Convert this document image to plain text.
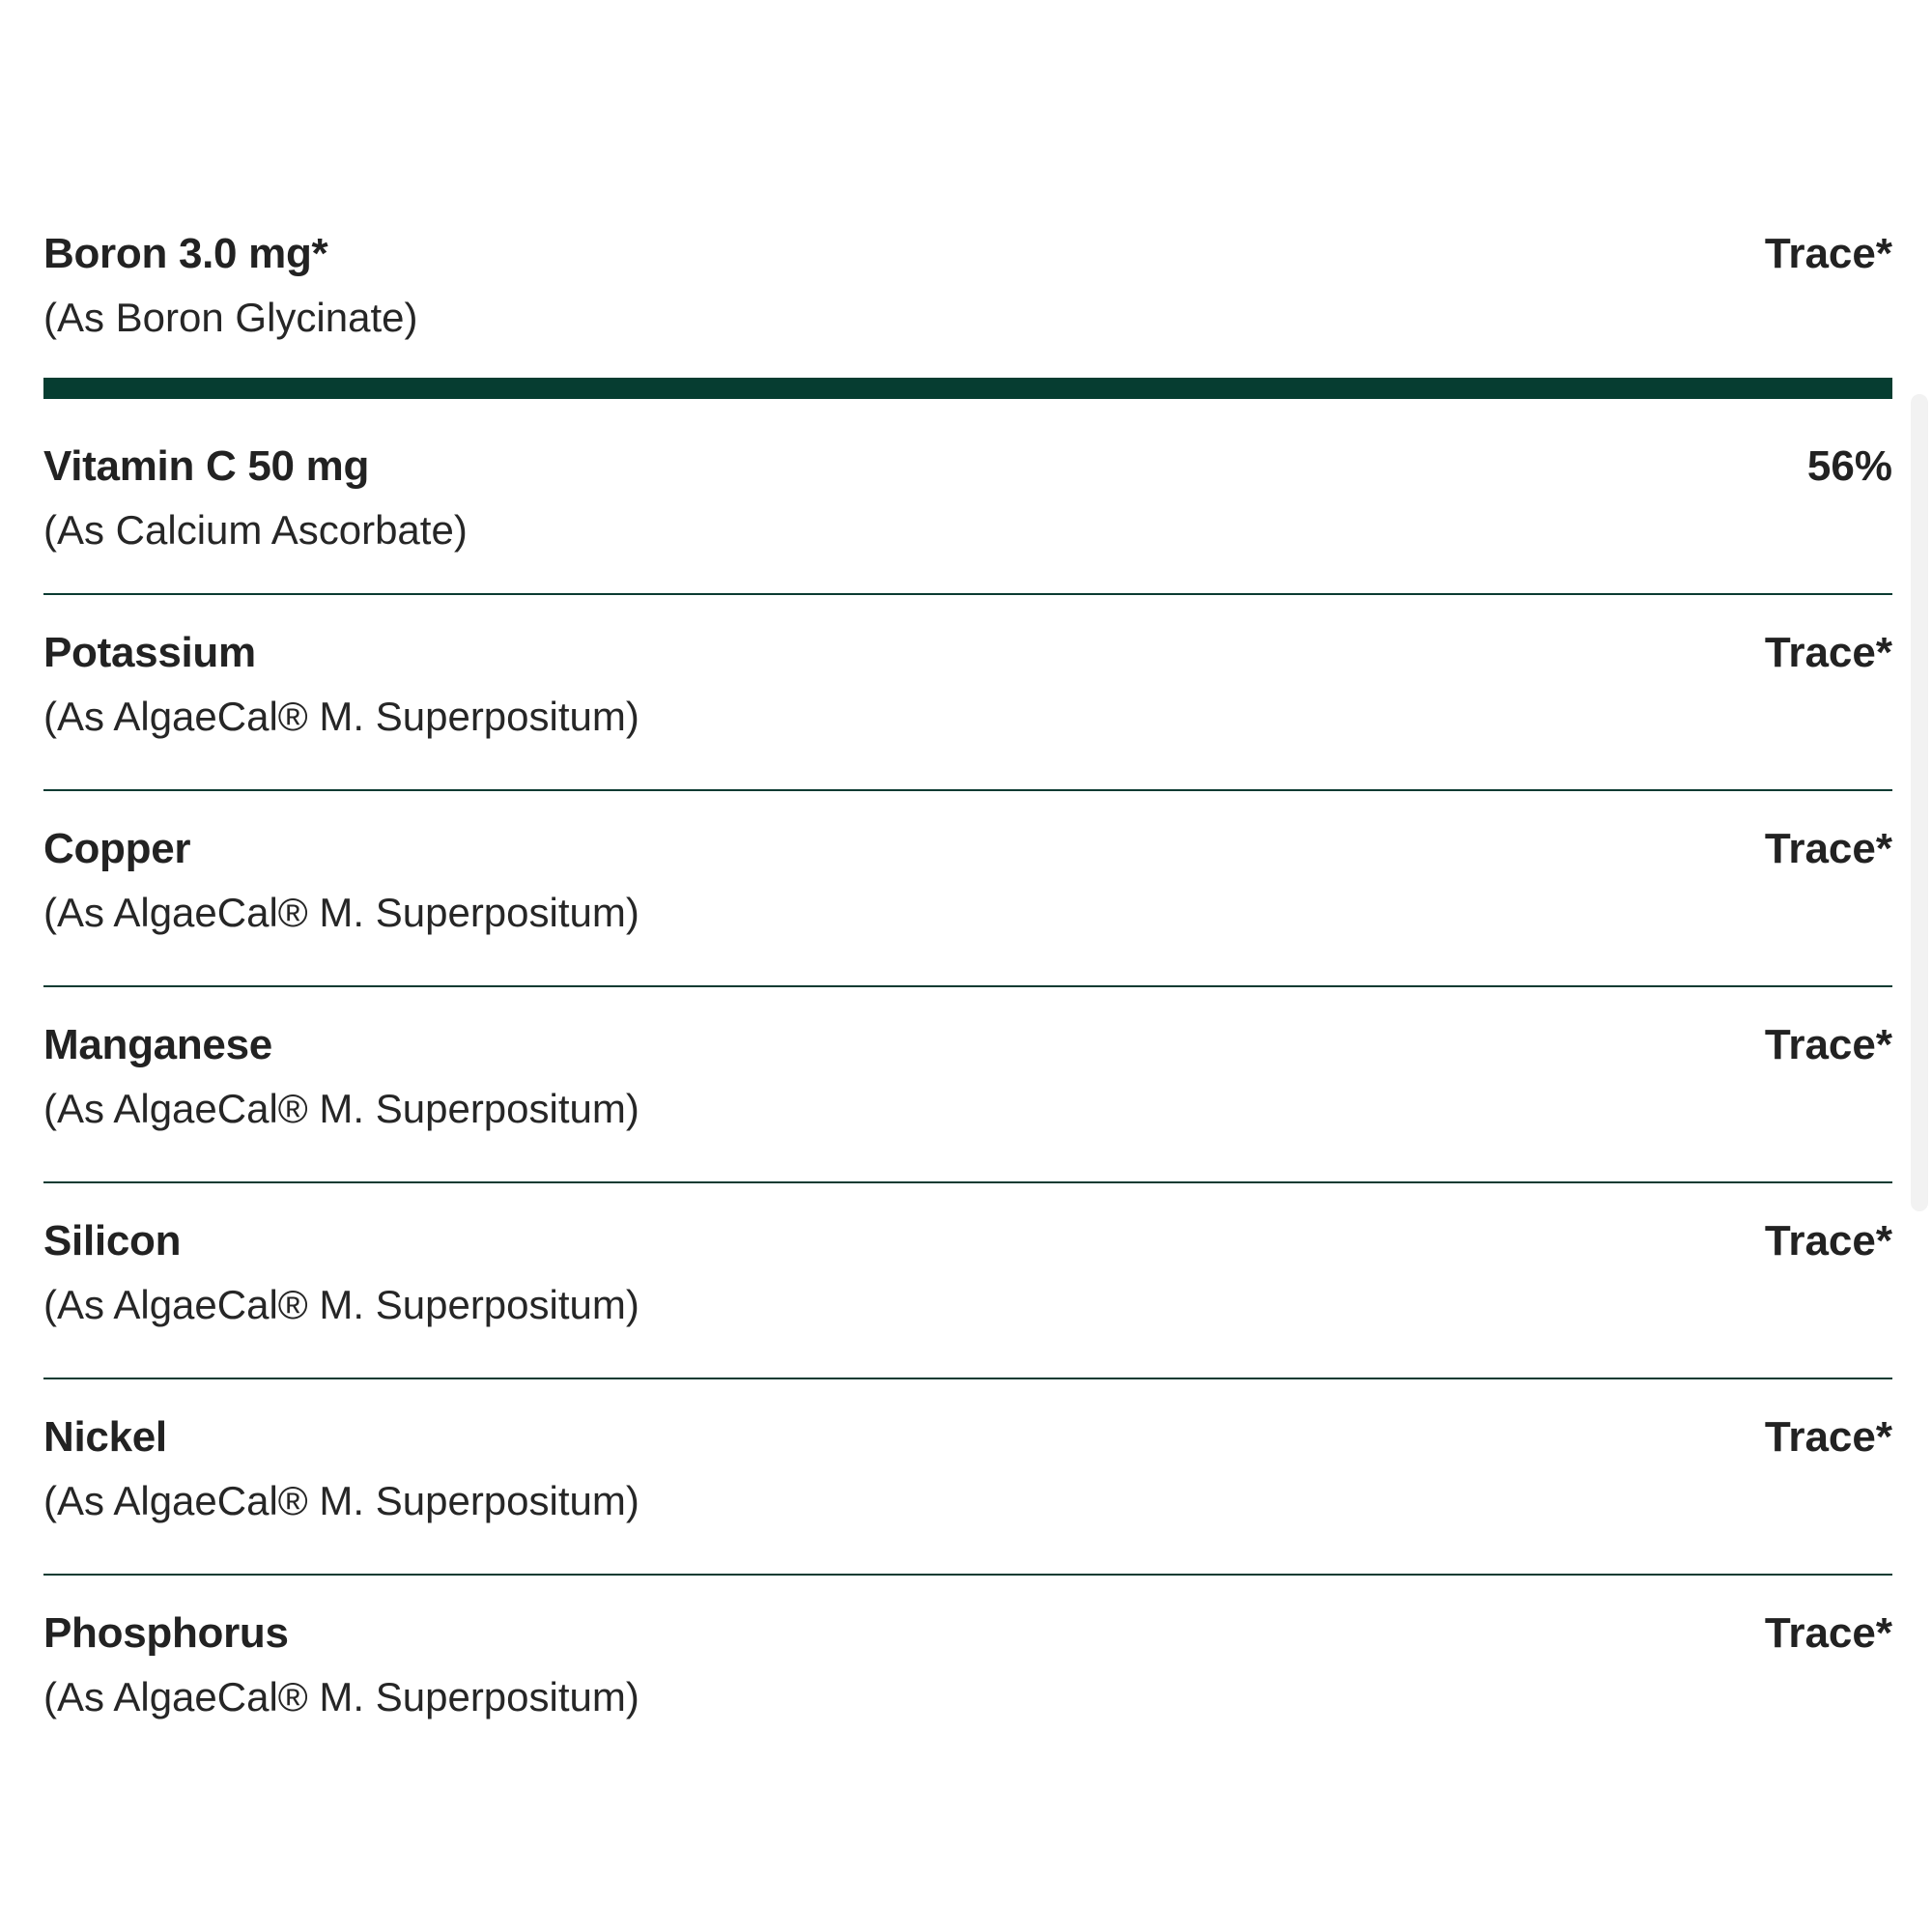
Boron 3.0 mg*
(As Boron Glycinate)
Trace*
Vitamin C 50 mg
(As Calcium Ascorbate)
56%
Potassium
(As AlgaeCal® M. Superpositum)
Trace*
Copper
(As AlgaeCal® M. Superpositum)
Trace*
Manganese
(As AlgaeCal® M. Superpositum)
Trace*
Silicon
(As AlgaeCal® M. Superpositum)
Trace*
Nickel
(As AlgaeCal® M. Superpositum)
Trace*
Phosphorus
(As AlgaeCal® M. Superpositum)
Trace*
